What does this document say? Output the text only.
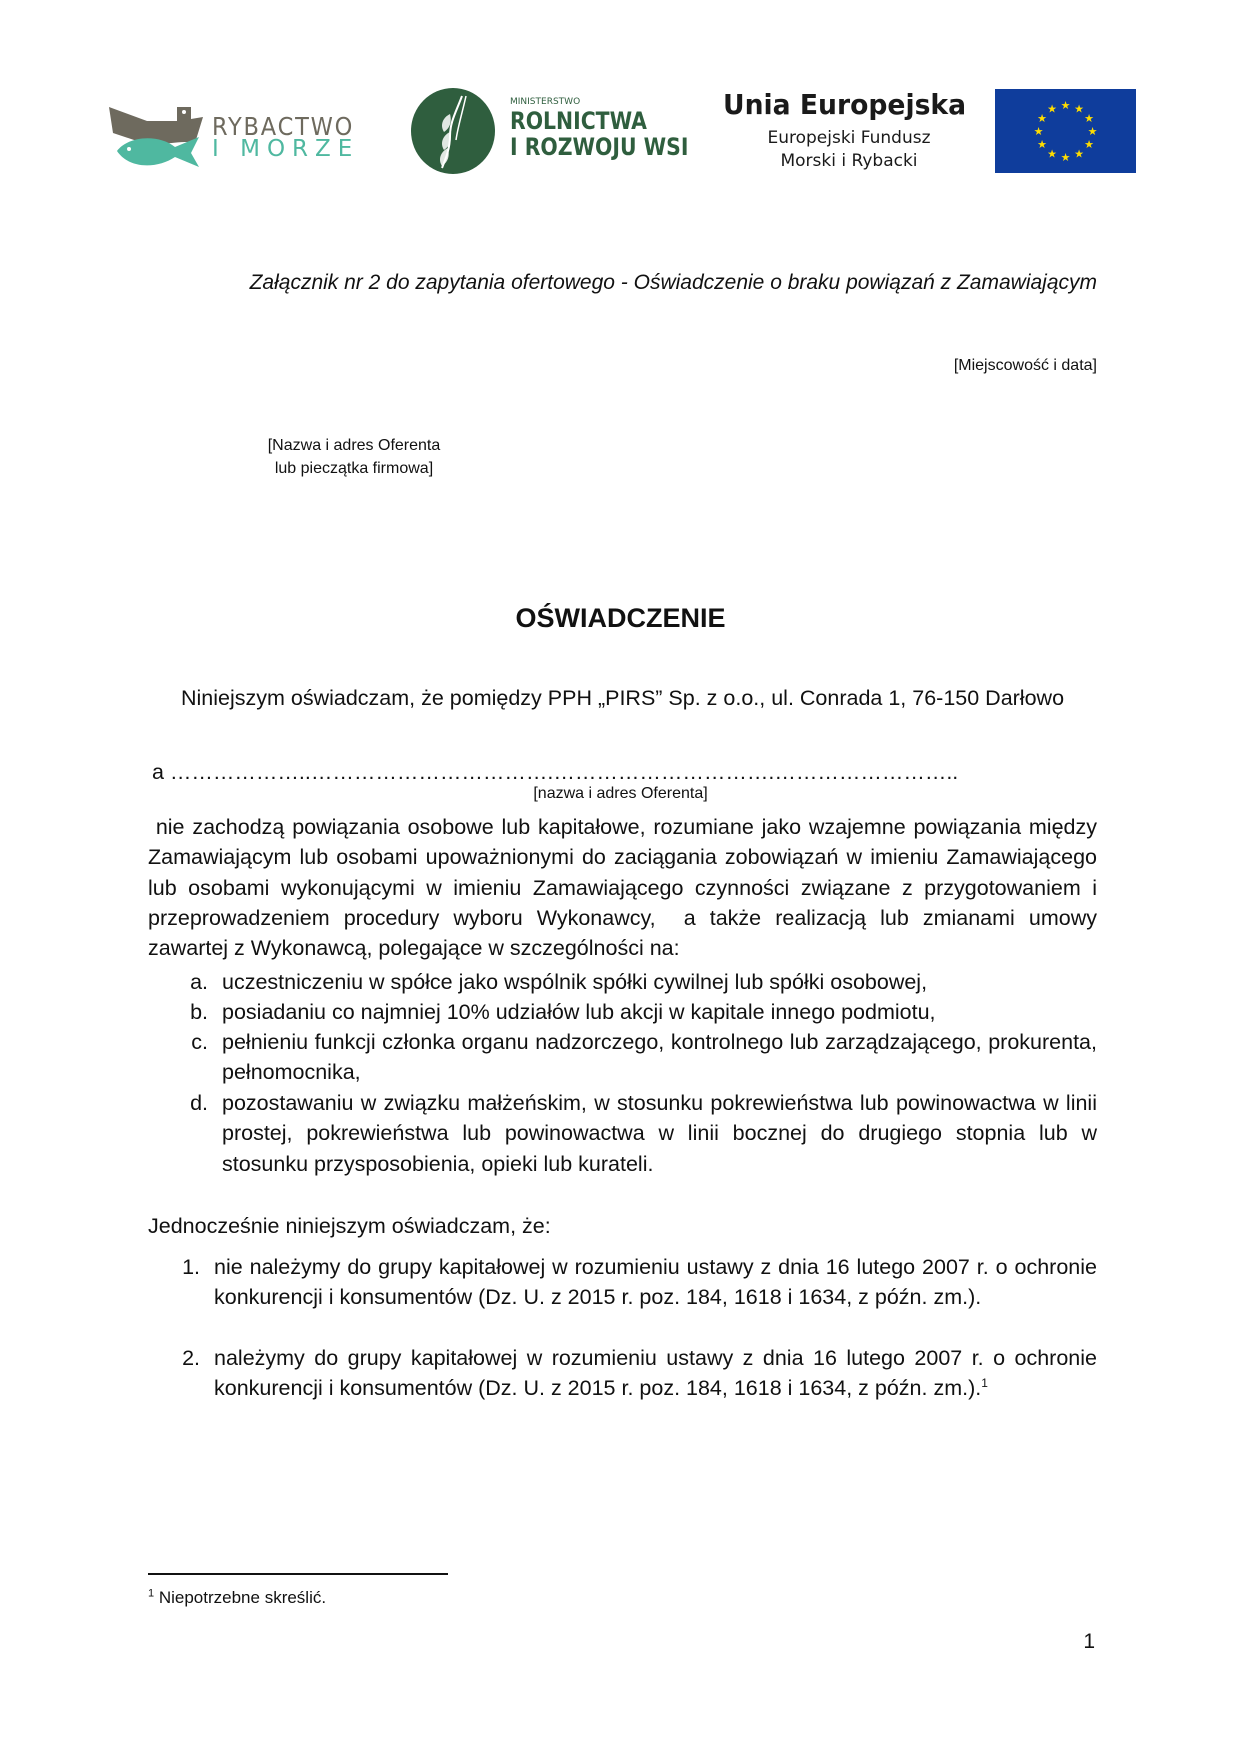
RYBACTWO
I MORZE
MINISTERSTWO
ROLNICTWA
I ROZWOJU WSI
Unia Europejska
Europejski Fundusz
Morski i Rybacki
★ ★
★
★
★
★
★
★
★
★
★
★
Załącznik nr 2 do zapytania ofertowego - Oświadczenie o braku powiązań z Zamawiającym
[Miejscowość i data]
[Nazwa i adres Oferenta
lub pieczątka firmowa]
OŚWIADCZENIE
Niniejszym oświadczam, że pomiędzy PPH „PIRS” Sp. z o.o., ul. Conrada 1, 76-150 Darłowo
a ………………..…………………………….………………………….……………………..
[nazwa i adres Oferenta]
nie zachodzą powiązania osobowe lub kapitałowe, rozumiane jako wzajemne powiązania między Zamawiającym lub osobami upoważnionymi do zaciągania zobowiązań w imieniu Zamawiającego lub osobami wykonującymi w imieniu Zamawiającego czynności związane z przygotowaniem i przeprowadzeniem procedury wyboru Wykonawcy,  a także realizacją lub zmianami umowy zawartej z Wykonawcą, polegające w szczególności na:
a. uczestniczeniu w spółce jako wspólnik spółki cywilnej lub spółki osobowej,
b. posiadaniu co najmniej 10% udziałów lub akcji w kapitale innego podmiotu,
c. pełnieniu funkcji członka organu nadzorczego, kontrolnego lub zarządzającego, prokurenta, pełnomocnika,
d. pozostawaniu w związku małżeńskim, w stosunku pokrewieństwa lub powinowactwa w linii prostej, pokrewieństwa lub powinowactwa w linii bocznej do drugiego stopnia lub w stosunku przysposobienia, opieki lub kurateli.
Jednocześnie niniejszym oświadczam, że:
1. nie należymy do grupy kapitałowej w rozumieniu ustawy z dnia 16 lutego 2007 r. o ochronie konkurencji i konsumentów (Dz. U. z 2015 r. poz. 184, 1618 i 1634, z późn. zm.).
2. należymy do grupy kapitałowej w rozumieniu ustawy z dnia 16 lutego 2007 r. o ochronie konkurencji i konsumentów (Dz. U. z 2015 r. poz. 184, 1618 i 1634, z późn. zm.).$^1$
$^1$ Niepotrzebne skreślić.
1
